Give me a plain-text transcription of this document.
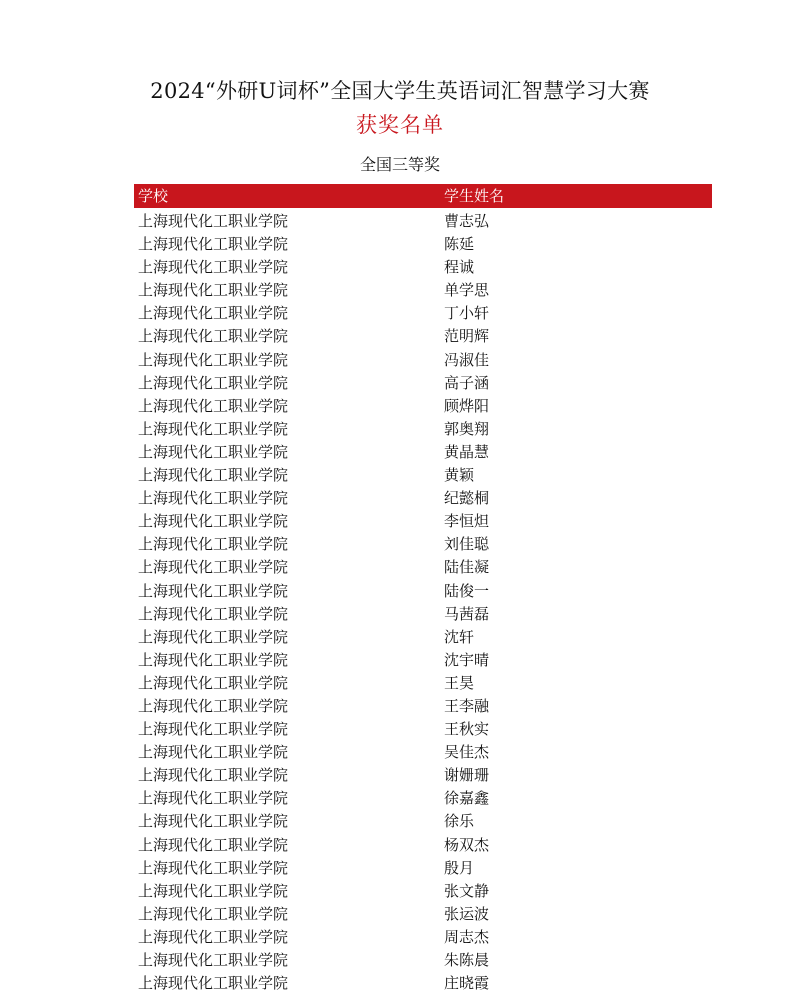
2024“外研U词杯”全国大学生英语词汇智慧学习大赛
获奖名单
全国三等奖
学校	学生姓名
上海现代化工职业学院	曹志弘
上海现代化工职业学院	陈延
上海现代化工职业学院	程诚
上海现代化工职业学院	单学思
上海现代化工职业学院	丁小轩
上海现代化工职业学院	范明辉
上海现代化工职业学院	冯淑佳
上海现代化工职业学院	高子涵
上海现代化工职业学院	顾烨阳
上海现代化工职业学院	郭奥翔
上海现代化工职业学院	黄晶慧
上海现代化工职业学院	黄颖
上海现代化工职业学院	纪懿桐
上海现代化工职业学院	李恒炟
上海现代化工职业学院	刘佳聪
上海现代化工职业学院	陆佳凝
上海现代化工职业学院	陆俊一
上海现代化工职业学院	马茜磊
上海现代化工职业学院	沈轩
上海现代化工职业学院	沈宇晴
上海现代化工职业学院	王昊
上海现代化工职业学院	王李融
上海现代化工职业学院	王秋实
上海现代化工职业学院	吴佳杰
上海现代化工职业学院	谢姗珊
上海现代化工职业学院	徐嘉鑫
上海现代化工职业学院	徐乐
上海现代化工职业学院	杨双杰
上海现代化工职业学院	殷月
上海现代化工职业学院	张文静
上海现代化工职业学院	张运波
上海现代化工职业学院	周志杰
上海现代化工职业学院	朱陈晨
上海现代化工职业学院	庄晓霞
